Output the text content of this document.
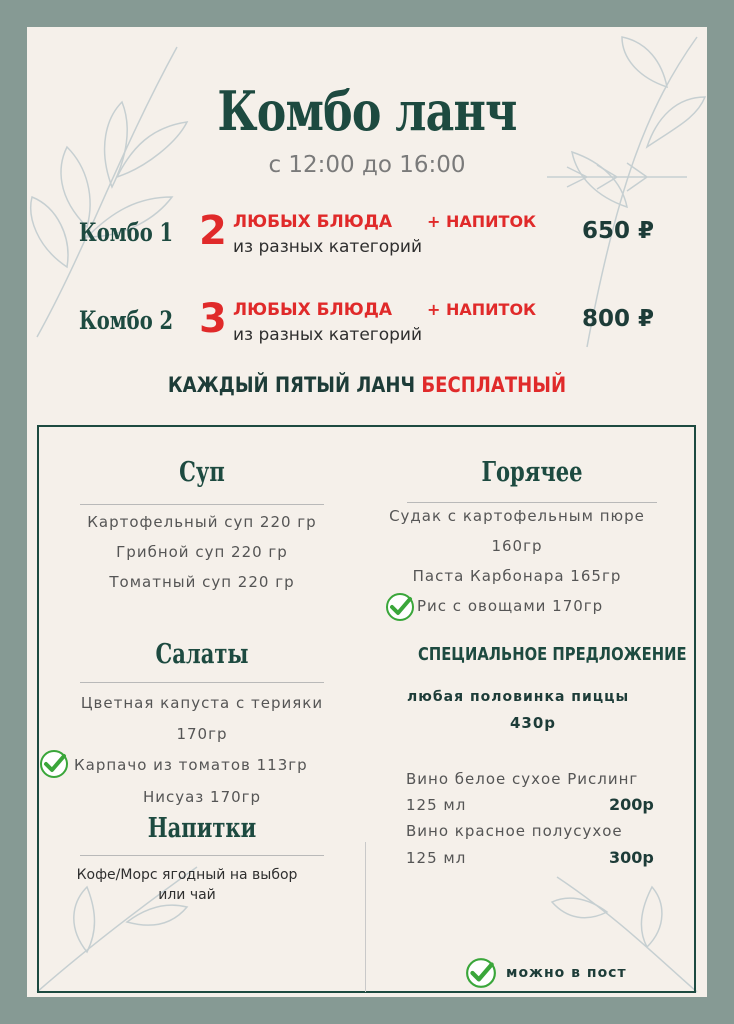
Комбо ланч
с 12:00 до 16:00
Комбо 1 2 ЛЮБЫХ БЛЮДА + НАПИТОК
из разных категорий
650 ₽
Комбо 2 3 ЛЮБЫХ БЛЮДА + НАПИТОК
из разных категорий
800 ₽
КАЖДЫЙ ПЯТЫЙ ЛАНЧ БЕСПЛАТНЫЙ
Суп
Картофельный суп 220 гр
Грибной суп 220 гр
Томатный суп 220 гр
Горячее
Судак с картофельным пюре
160гр
Паста Карбонара 165гр
Рис с овощами 170гр
Салаты
Цветная капуста с терияки
170гр
Карпачо из томатов 113гр
Нисуаз 170гр
Напитки
Кофе/Морс ягодный на выбор
или чай
СПЕЦИАЛЬНОЕ ПРЕДЛОЖЕНИЕ
любая половинка пиццы
430р
Вино белое сухое Рислинг
125 мл	200р
Вино красное полусухое
125 мл	300р
можно в пост
